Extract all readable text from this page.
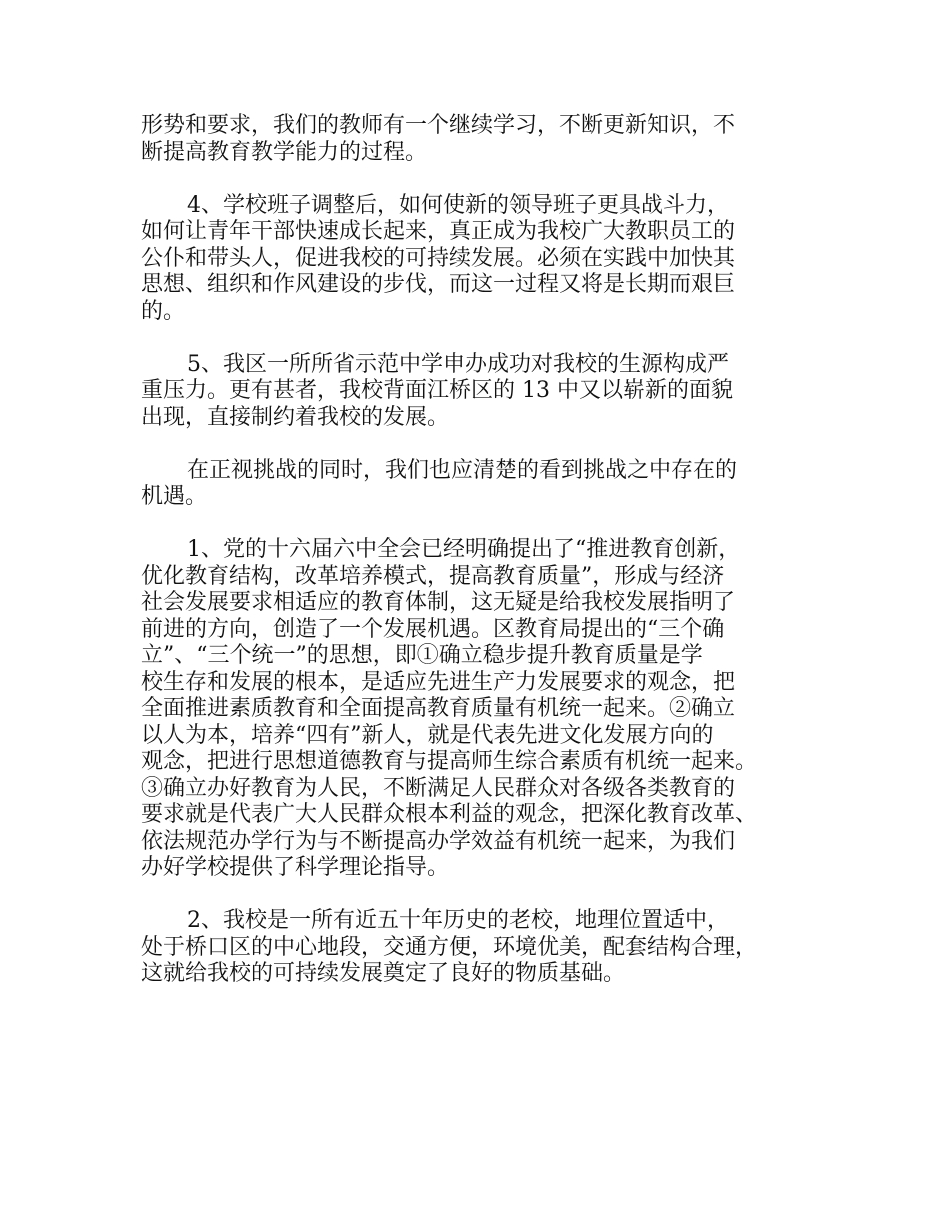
形势和要求，我们的教师有一个继续学习，不断更新知识，不
断提高教育教学能力的过程。
4、学校班子调整后，如何使新的领导班子更具战斗力，
如何让青年干部快速成长起来，真正成为我校广大教职员工的
公仆和带头人，促进我校的可持续发展。必须在实践中加快其
思想、组织和作风建设的步伐，而这一过程又将是长期而艰巨
的。
5、我区一所所省示范中学申办成功对我校的生源构成严
重压力。更有甚者，我校背面江桥区的 13 中又以崭新的面貌
出现，直接制约着我校的发展。
在正视挑战的同时，我们也应清楚的看到挑战之中存在的
机遇。
1、党的十六届六中全会已经明确提出了“推进教育创新，
优化教育结构，改革培养模式，提高教育质量”，形成与经济
社会发展要求相适应的教育体制，这无疑是给我校发展指明了
前进的方向，创造了一个发展机遇。区教育局提出的“三个确
立”、“三个统一”的思想，即①确立稳步提升教育质量是学
校生存和发展的根本，是适应先进生产力发展要求的观念，把
全面推进素质教育和全面提高教育质量有机统一起来。②确立
以人为本，培养“四有”新人，就是代表先进文化发展方向的
观念，把进行思想道德教育与提高师生综合素质有机统一起来。
③确立办好教育为人民，不断满足人民群众对各级各类教育的
要求就是代表广大人民群众根本利益的观念，把深化教育改革、
依法规范办学行为与不断提高办学效益有机统一起来，为我们
办好学校提供了科学理论指导。
2、我校是一所有近五十年历史的老校，地理位置适中，
处于桥口区的中心地段，交通方便，环境优美，配套结构合理，
这就给我校的可持续发展奠定了良好的物质基础。
